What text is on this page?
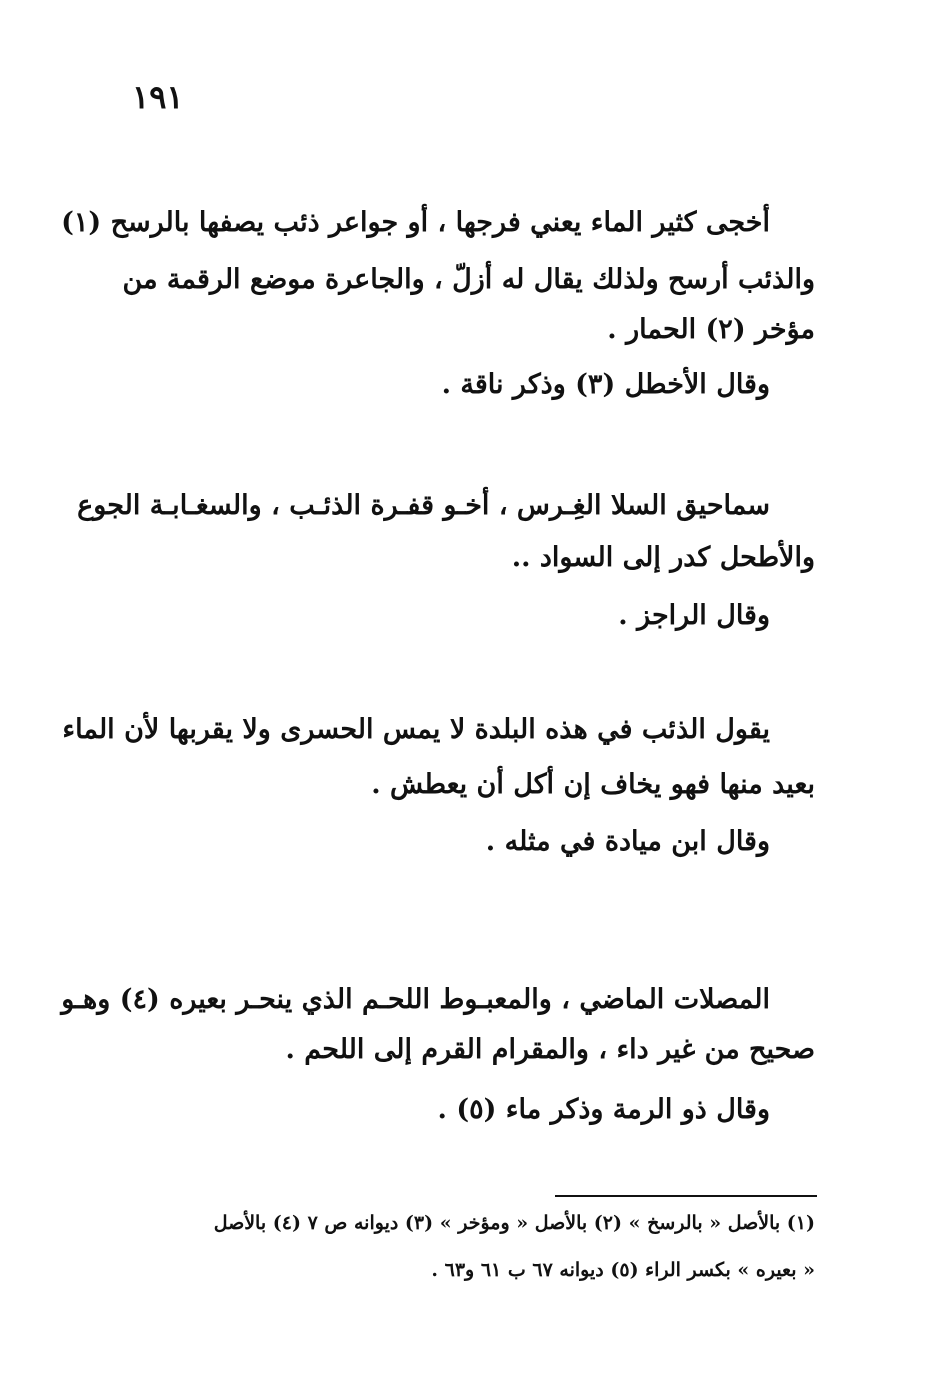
١٩١
أخجى كثير الماء يعني فرجها ، أو جواعر ذئب يصفها بالرسح (١)
والذئب أرسح ولذلك يقال له أزلّ ، والجاعرة موضع الرقمة من
مؤخر (٢) الحمار .
وقال الأخطل (٣) وذكر ناقة .
سماحيق السلا الغِـرس ، أخـو قفـرة الذئـب ، والسغـابـة الجوع
والأطحل كدر إلى السواد ..
وقال الراجز .
يقول الذئب في هذه البلدة لا يمس الحسرى ولا يقربها لأن الماء
بعيد منها فهو يخاف إن أكل أن يعطش .
وقال ابن ميادة في مثله .
المصلات الماضي ، والمعبـوط اللحـم الذي ينحـر بعيره (٤) وهـو
صحيح من غير داء ، والمقرام القرم إلى اللحم .
وقال ذو الرمة وذكر ماء (٥) .
(١) بالأصل « بالرسخ » (٢) بالأصل « ومؤخر » (٣) ديوانه ص ٧ (٤) بالأصل
« بعيره » بكسر الراء (٥) ديوانه ٦٧ ب ٦١ و٦٣ .
